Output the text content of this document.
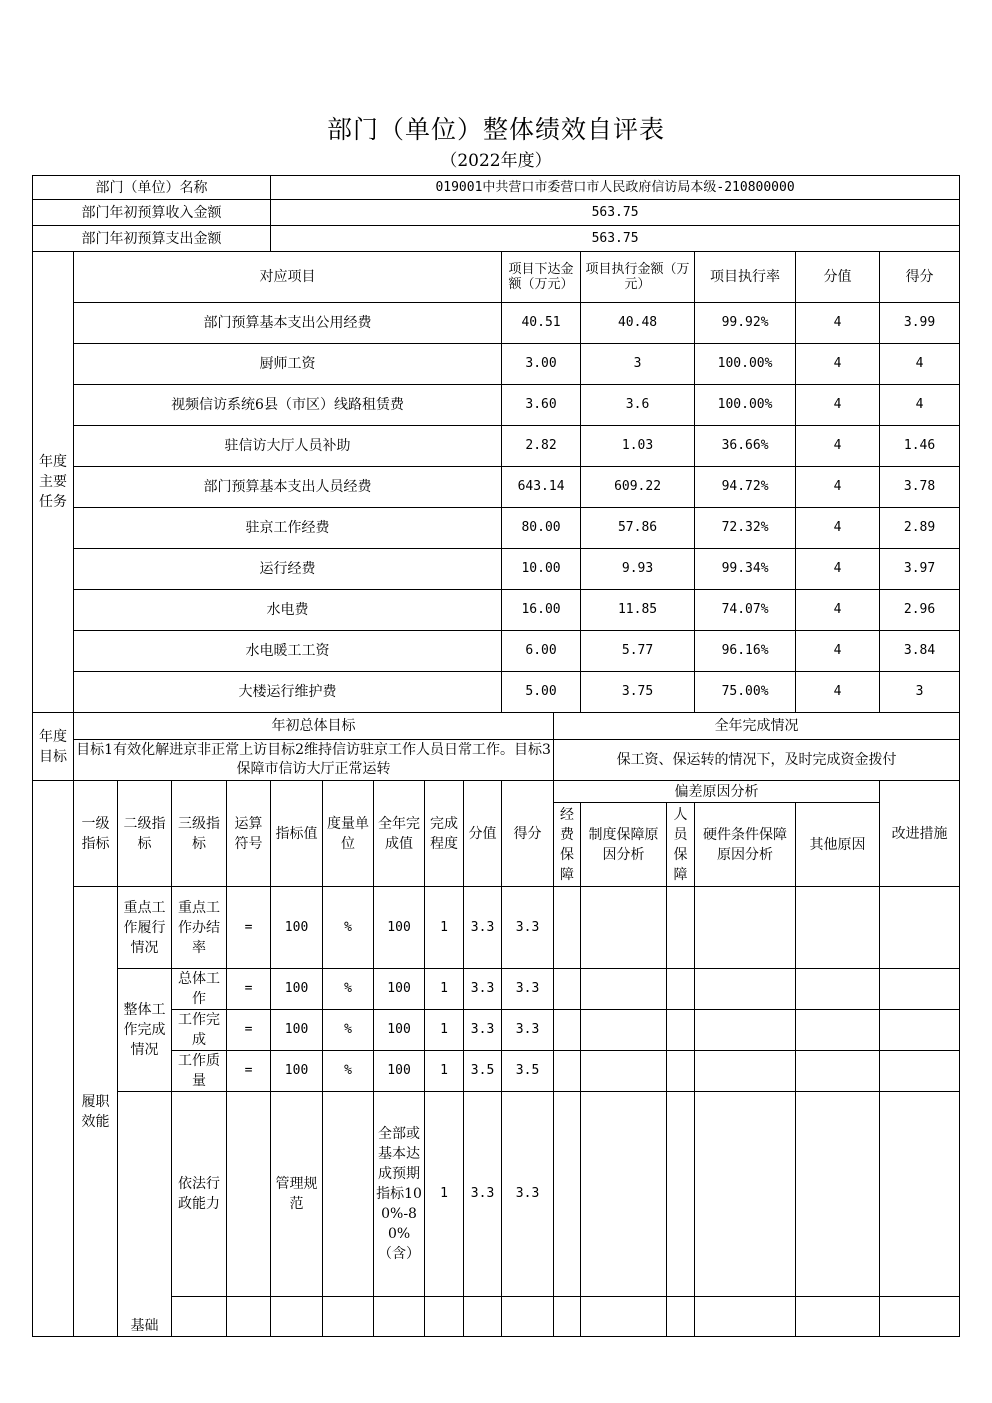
部门（单位）整体绩效自评表
（2022年度）
部门（单位）名称					019001中共营口市委营口市人民政府信访局本级-210800000											
部门年初预算收入金额					563.75											
部门年初预算支出金额					563.75											
年度主要任务	对应项目									项目下达金额（万元）		项目执行金额（万元）		项目执行率	分值	得分
	部门预算基本支出公用经费									40.51		40.48		99.92%	4	3.99
	厨师工资									3.00		3		100.00%	4	4
	视频信访系统6县（市区）线路租赁费									3.60		3.6		100.00%	4	4
	驻信访大厅人员补助									2.82		1.03		36.66%	4	1.46
	部门预算基本支出人员经费									643.14		609.22		94.72%	4	3.78
	驻京工作经费									80.00		57.86		72.32%	4	2.89
	运行经费									10.00		9.93		99.34%	4	3.97
	水电费									16.00		11.85		74.07%	4	2.96
	水电暖工工资									6.00		5.77		96.16%	4	3.84
	大楼运行维护费									5.00		3.75		75.00%	4	3
年度目标	年初总体目标										全年完成情况					
	目标1有效化解进京非正常上访目标2维持信访驻京工作人员日常工作。目标3保障市信访大厅正常运转										保工资、保运转的情况下，及时完成资金拨付					
	一级指标	二级指标	三级指标	运算符号	指标值	度量单位	全年完成值	完成程度	分值	得分	偏差原因分析					改进措施
											经费保障	制度保障原因分析	人员保障	硬件条件保障原因分析	其他原因	
	履职效能	重点工作履行情况	重点工作办结率	=	100	%	100	1	3.3	3.3						
		整体工作完成情况	总体工作	=	100	%	100	1	3.3	3.3						
			工作完成	=	100	%	100	1	3.3	3.3						
			工作质量	=	100	%	100	1	3.5	3.5						
		基础	依法行政能力		管理规范		全部或基本达成预期指标100%-80%（含）	1	3.3	3.3						
